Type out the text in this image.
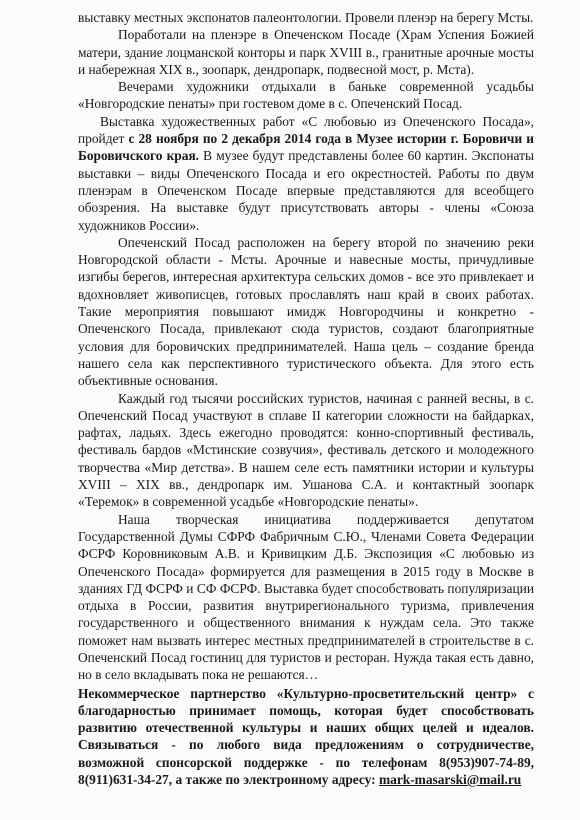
выставку местных экспонатов палеонтологии. Провели пленэр на берегу Мсты.

Поработали на пленэре в Опеченском Посаде (Храм Успения Божией матери, здание лоцманской конторы и парк XVIII в., гранитные арочные мосты и набережная XIX в., зоопарк, дендропарк, подвесной мост, р. Мста).

Вечерами художники отдыхали в баньке современной усадьбы «Новгородские пенаты» при гостевом доме в с. Опеченский Посад.

Выставка художественных работ «С любовью из Опеченского Посада», пройдет с 28 ноября по 2 декабря 2014 года в Музее истории г. Боровичи и Боровичского края. В музее будут представлены более 60 картин. Экспонаты выставки – виды Опеченского Посада и его окрестностей. Работы по двум пленэрам в Опеченском Посаде впервые представляются для всеобщего обозрения. На выставке будут присутствовать авторы - члены «Союза художников России».

Опеченский Посад расположен на берегу второй по значению реки Новгородской области - Мсты. Арочные и навесные мосты, причудливые изгибы берегов, интересная архитектура сельских домов - все это привлекает и вдохновляет живописцев, готовых прославлять наш край в своих работах. Такие мероприятия повышают имидж Новгородчины и конкретно - Опеченского Посада, привлекают сюда туристов, создают благоприятные условия для боровичских предпринимателей. Наша цель – создание бренда нашего села как перспективного туристического объекта. Для этого есть объективные основания.

Каждый год тысячи российских туристов, начиная с ранней весны, в с. Опеченский Посад участвуют в сплаве II категории сложности на байдарках, рафтах, ладьях. Здесь ежегодно проводятся: конно-спортивный фестиваль, фестиваль бардов «Мстинские созвучия», фестиваль детского и молодежного творчества «Мир детства». В нашем селе есть памятники истории и культуры XVIII – XIX вв., дендропарк им. Ушанова С.А. и контактный зоопарк «Теремок» в современной усадьбе «Новгородские пенаты».

Наша творческая инициатива поддерживается депутатом Государственной Думы СФРФ Фабричным С.Ю., Членами Совета Федерации ФСРФ Коровниковым А.В. и Кривицким Д.Б. Экспозиция «С любовью из Опеченского Посада» формируется для размещения в 2015 году в Москве в зданиях ГД ФСРФ и СФ ФСРФ. Выставка будет способствовать популяризации отдыха в России, развития внутрирегионального туризма, привлечения государственного и общественного внимания к нуждам села. Это также поможет нам вызвать интерес местных предпринимателей в строительстве в с. Опеченский Посад гостиниц для туристов и ресторан. Нужда такая есть давно, но в село вкладывать пока не решаются…

Некоммерческое партнерство «Культурно-просветительский центр» с благодарностью принимает помощь, которая будет способствовать развитию отечественной культуры и наших общих целей и идеалов. Связываться - по любого вида предложениям о сотрудничестве, возможной спонсорской поддержке - по телефонам 8(953)907-74-89, 8(911)631-34-27, а также по электронному адресу: mark-masarski@mail.ru
